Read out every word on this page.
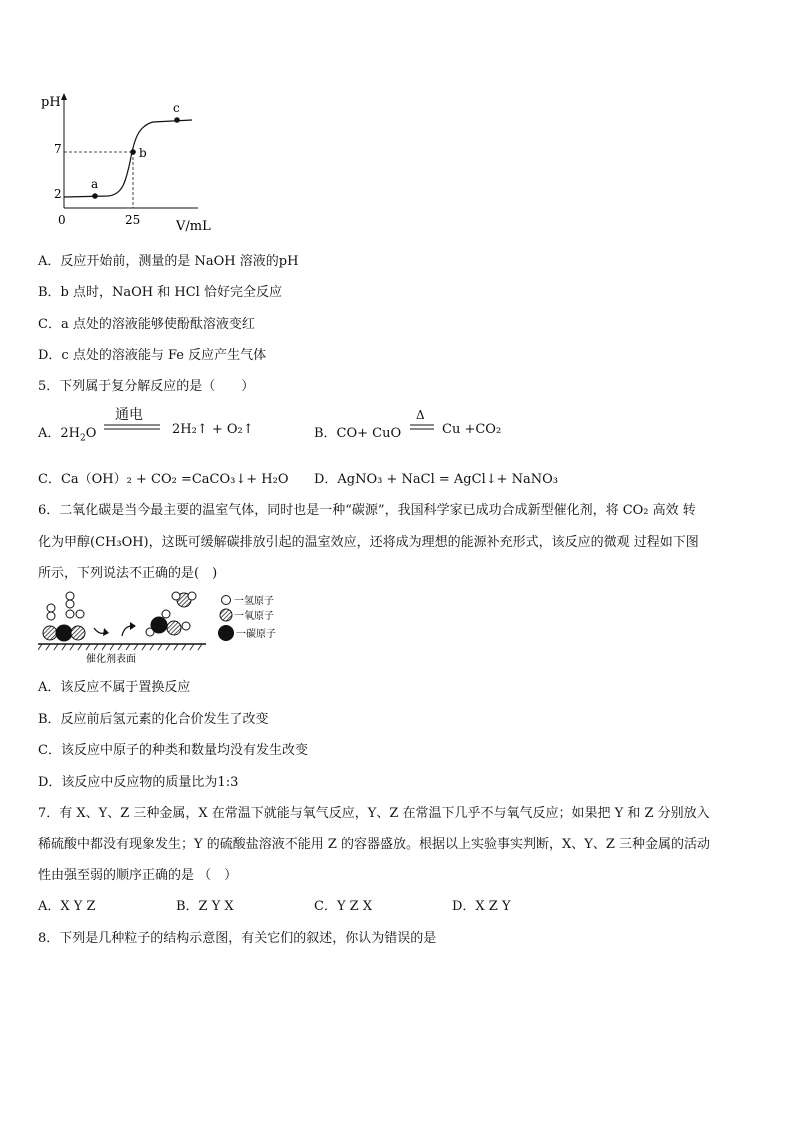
pH
V/mL
0
7
2
25
a
b
c
A．反应开始前，测量的是 NaOH 溶液的pH
B．b 点时，NaOH 和 HCl 恰好完全反应
C．a 点处的溶液能够使酚酞溶液变红
D．c 点处的溶液能与 Fe 反应产生气体
5．下列属于复分解反应的是（　　）
A．$2H_2O$
通电
2H₂↑ + O₂↑	B．CO+ CuO
Δ
Cu +CO₂
C．Ca（OH）₂ + CO₂ =CaCO₃↓+ H₂O D．AgNO₃ + NaCl = AgCl↓+ NaNO₃
6．二氧化碳是当今最主要的温室气体，同时也是一种“碳源”，我国科学家已成功合成新型催化剂，将 CO₂ 高效 转
化为甲醇(CH₃OH)，这既可缓解碳排放引起的温室效应，还将成为理想的能源补充形式，该反应的微观 过程如下图
所示，下列说法不正确的是(　)
催化剂表面
一氢原子
一氧原子
一碳原子
A．该反应不属于置换反应
B．反应前后氢元素的化合价发生了改变
C．该反应中原子的种类和数量均没有发生改变
D．该反应中反应物的质量比为1:3
7．有 X、Y、Z 三种金属，X 在常温下就能与氧气反应，Y、Z 在常温下几乎不与氧气反应；如果把 Y 和 Z 分别放入
稀硫酸中都没有现象发生；Y 的硫酸盐溶液不能用 Z 的容器盛放。根据以上实验事实判断，X、Y、Z 三种金属的活动
性由强至弱的顺序正确的是 （　）
A．X Y Z	B．Z Y X	C．Y Z X	D．X Z Y
8．下列是几种粒子的结构示意图，有关它们的叙述，你认为错误的是
